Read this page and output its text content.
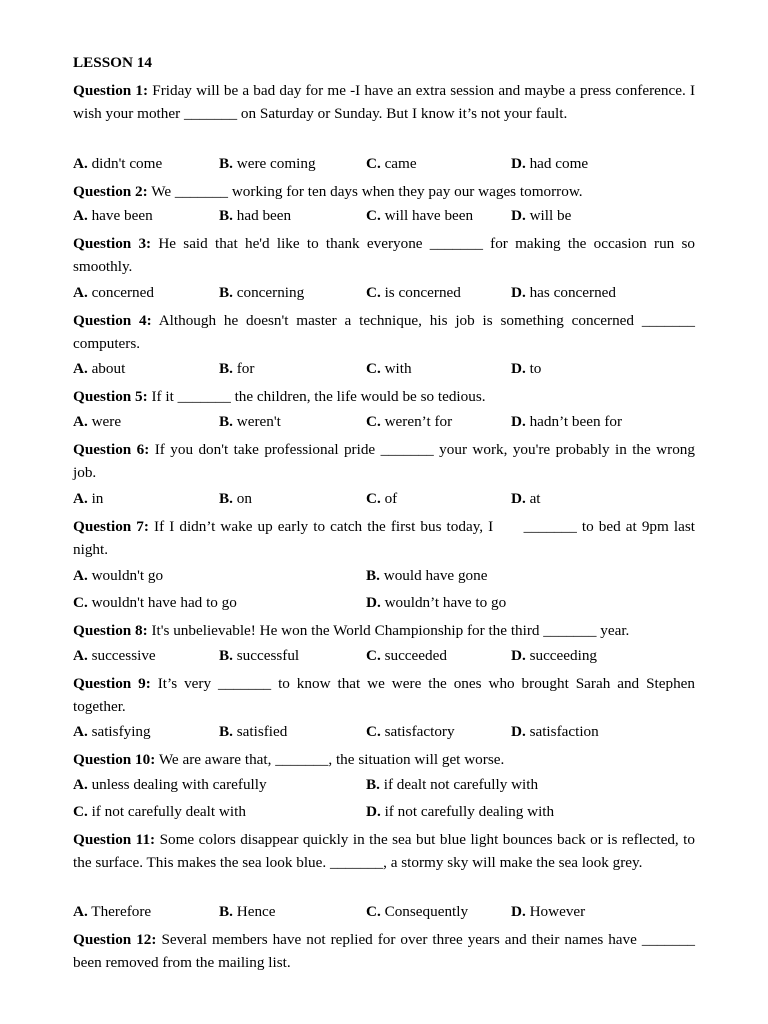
LESSON 14
Question 1: Friday will be a bad day for me -I have an extra session and maybe a press conference. I wish your mother _______ on Saturday or Sunday. But I know it’s not your fault.
A. didn't come	B. were coming	C. came	D. had come
Question 2: We _______ working for ten days when they pay our wages tomorrow.
A. have been	B. had been	C. will have been D. will be
Question 3: He said that he'd like to thank everyone _______ for making the occasion run so smoothly.
A. concerned	B. concerning	C. is concerned	D. has concerned
Question 4: Although he doesn't master a technique, his job is something concerned _______ computers.
A. about	B. for	C. with	D. to
Question 5: If it _______ the children, the life would be so tedious.
A. were	B. weren't	C. weren’t for	D. hadn’t been for
Question 6: If you don't take professional pride _______ your work, you're probably in the wrong job.
A. in	B. on	C. of	D. at
Question 7: If I didn’t wake up early to catch the first bus today, I      _______ to bed at 9pm last night.
A. wouldn't go	B. would have gone
C. wouldn't have had to go	D. wouldn’t have to go
Question 8: It's unbelievable! He won the World Championship for the third _______ year.
A. successive	B. successful	C. succeeded	D. succeeding
Question 9: It’s very _______ to know that we were the ones who brought Sarah and Stephen together.
A. satisfying	B. satisfied	C. satisfactory	D. satisfaction
Question 10: We are aware that, _______, the situation will get worse.
A. unless dealing with carefully	B. if dealt not carefully with
C. if not carefully dealt with	D. if not carefully dealing with
Question 11: Some colors disappear quickly in the sea but blue light bounces back or is reflected, to the surface. This makes the sea look blue. _______, a stormy sky will make the sea look grey.
A. Therefore	B. Hence	C. Consequently	D. However
Question 12: Several members have not replied for over three years and their names have _______ been removed from the mailing list.
